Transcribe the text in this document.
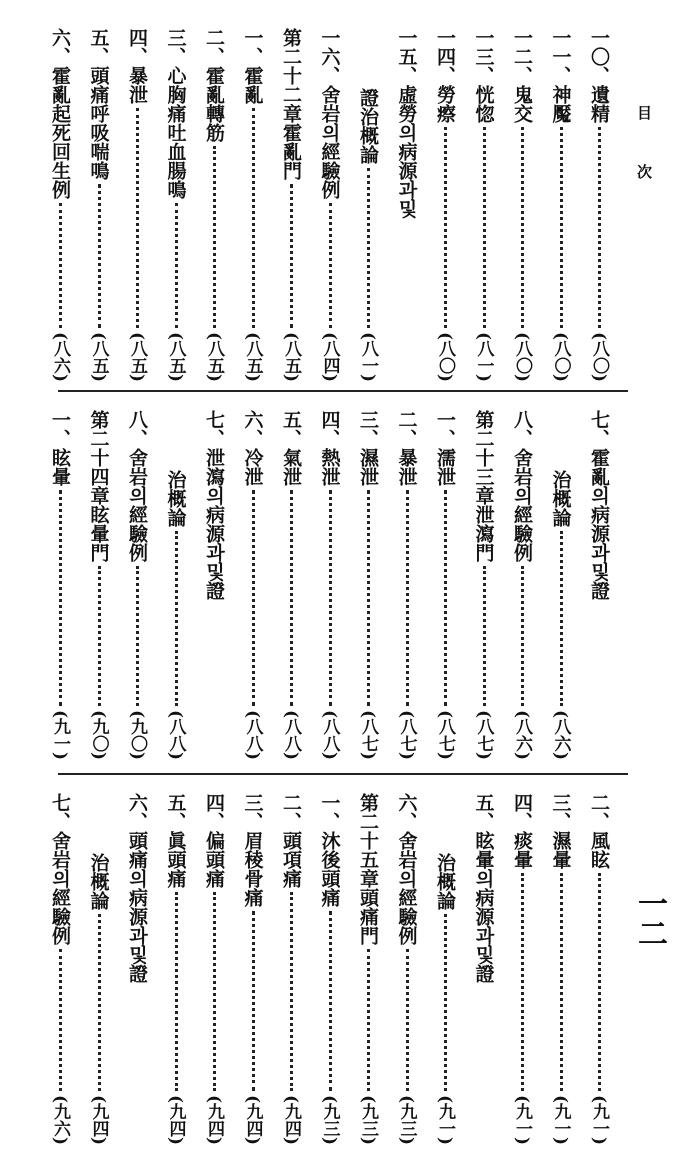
目次
一二
一〇、
遺精
(八〇)
一一、
神魘
(八〇)
一二、
鬼交
(八〇)
一三、
恍惚
(八一)
一四、
勞瘵
(八〇)
一五、
虛勞의病源과및
證治概論
(八一)
一六、
舍岩의經驗例
(八四)
第二十二章
霍亂門
(八五)
一、
霍亂
(八五)
二、
霍亂轉筋
(八五)
三、
心胸痛吐血腸鳴
(八五)
四、
暴泄
(八五)
五、
頭痛呼吸喘鳴
(八五)
六、
霍亂起死回生例
(八六)
七、
霍亂의病源과및證
治概論
(八六)
八、
舍岩의經驗例
(八六)
第二十三章
泄瀉門
(八七)
一、
濡泄
(八七)
二、
暴泄
(八七)
三、
濕泄
(八七)
四、
熱泄
(八八)
五、
氣泄
(八八)
六、
冷泄
(八八)
七、
泄瀉의病源과및證
治概論
(八八)
八、
舍岩의經驗例
(九〇)
第二十四章
眩暈門
(九〇)
一、
眩暈
(九一)
二、
風眩
(九一)
三、
濕暈
(九一)
四、
痰暈
(九一)
五、
眩暈의病源과및證
治概論
(九一)
六、
舍岩의經驗例
(九三)
第二十五章
頭痛門
(九三)
一、
沐後頭痛
(九三)
二、
頭項痛
(九四)
三、
眉稜骨痛
(九四)
四、
偏頭痛
(九四)
五、
眞頭痛
(九四)
六、
頭痛의病源과및證
治概論
(九四)
七、
舍岩의經驗例
(九六)
